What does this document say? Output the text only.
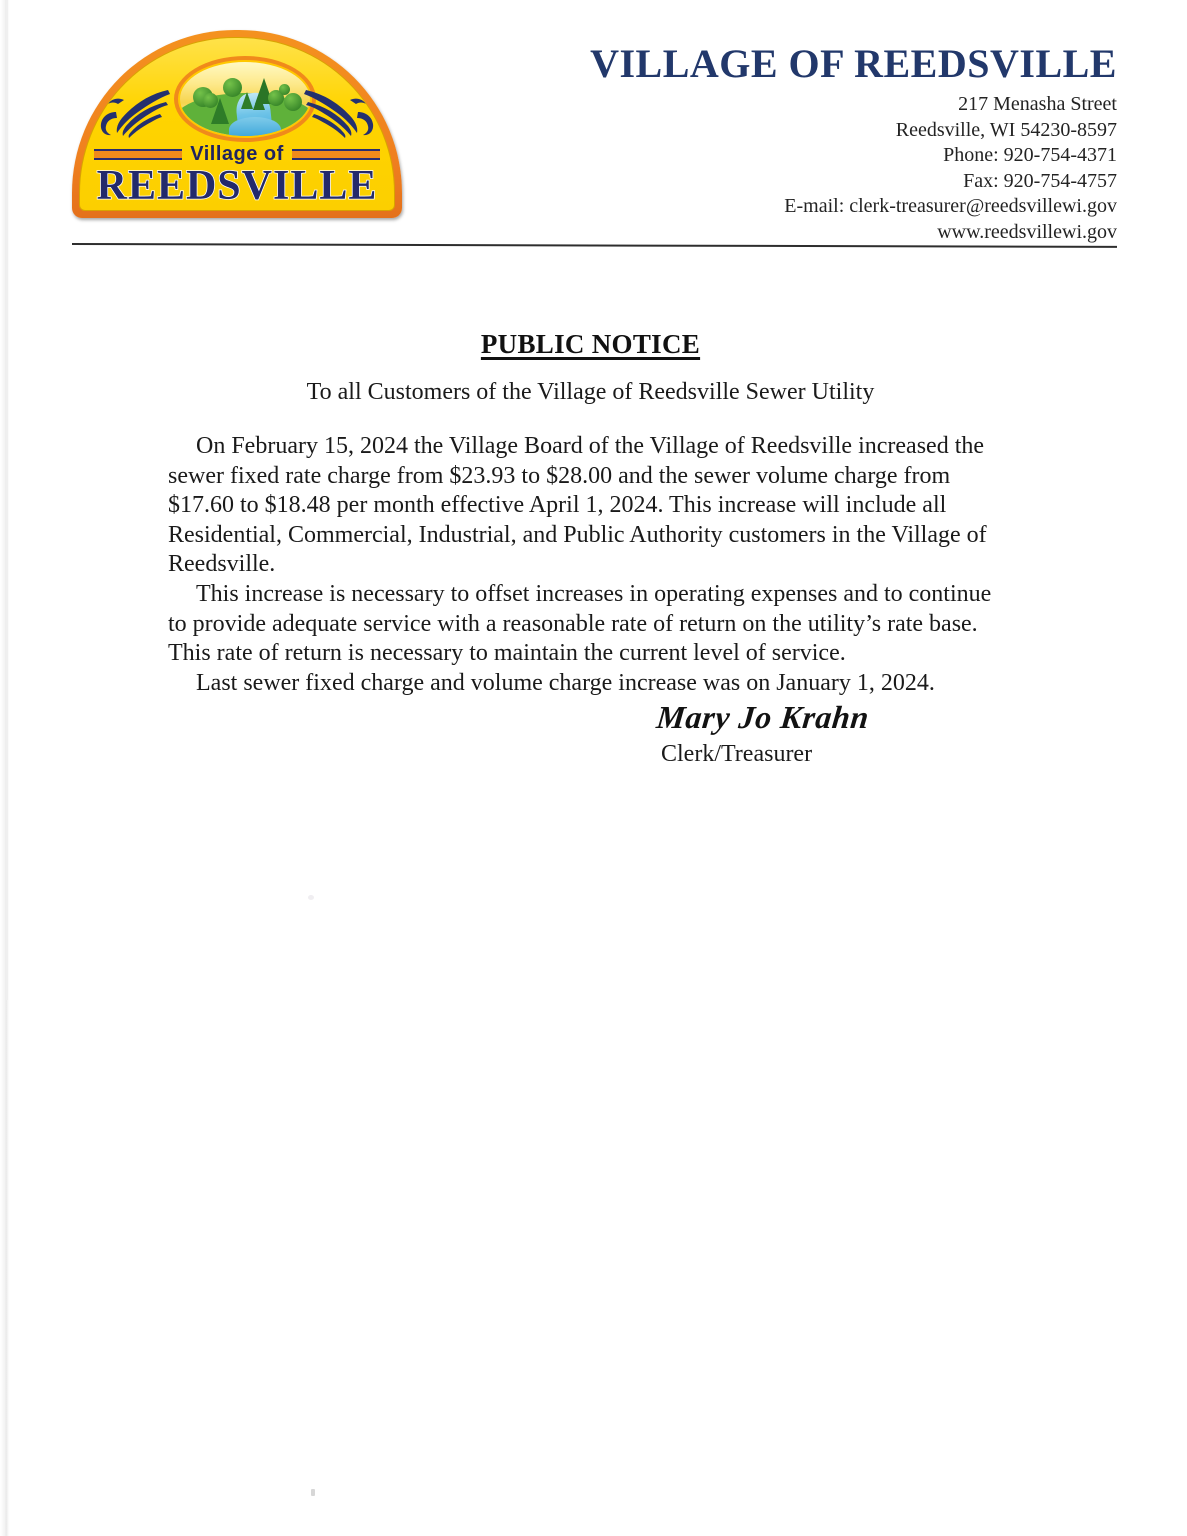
Village of
REEDSVILLE
VILLAGE OF REEDSVILLE
217 Menasha Street
Reedsville, WI 54230-8597
Phone: 920-754-4371
Fax: 920-754-4757
E-mail: clerk-treasurer@reedsvillewi.gov
www.reedsvillewi.gov
PUBLIC NOTICE
To all Customers of the Village of Reedsville Sewer Utility

On February 15, 2024 the Village Board of the Village of Reedsville increased the sewer fixed rate charge from $23.93 to $28.00 and the sewer volume charge from $17.60 to $18.48 per month effective April 1, 2024. This increase will include all Residential, Commercial, Industrial, and Public Authority customers in the Village of Reedsville.

This increase is necessary to offset increases in operating expenses and to continue to provide adequate service with a reasonable rate of return on the utility’s rate base. This rate of return is necessary to maintain the current level of service.

Last sewer fixed charge and volume charge increase was on January 1, 2024.

Mary Jo Krahn
Clerk/Treasurer
